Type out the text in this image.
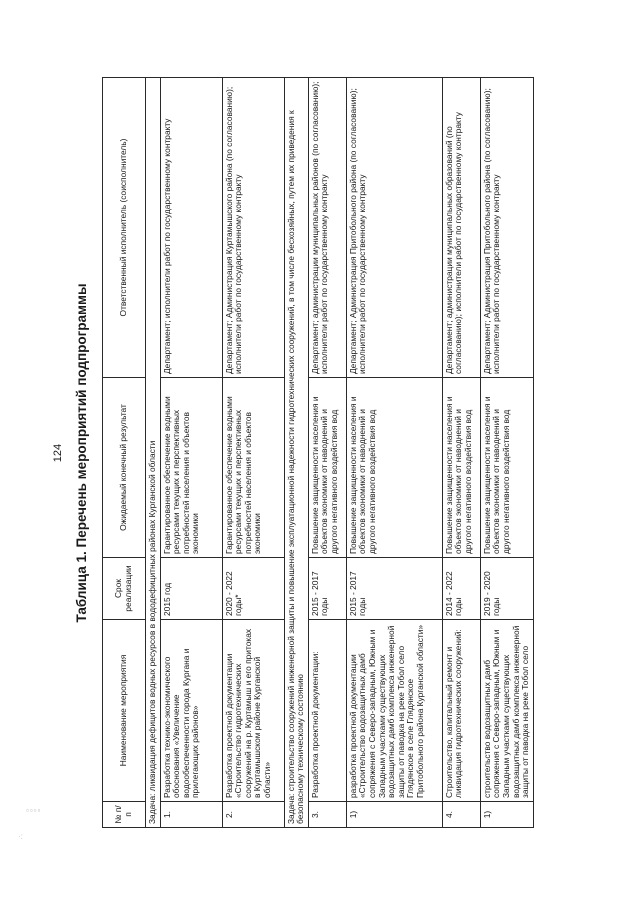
124 Таблица 1. Перечень мероприятий подпрограммы
№ п/п	Наименование мероприятия	Срок реализации	Ожидаемый конечный результат	Ответственный исполнитель (соисполнитель)
Задача: ликвидация дефицитов водных ресурсов в вододефицитных районах Курганской области				
1.	Разработка технико-экономического обоснования «Увеличение водообеспеченности города Кургана и прилегающих районов»	2015 год	Гарантированное обеспечение водными ресурсами текущих и перспективных потребностей населения и объектов экономики	Департамент; исполнители работ по государственному контракту
2.	Разработка проектной документации «Строительство гидротехнических сооружений на р. Куртамыш и его притоках в Куртамышском районе Курганской области»	2020 - 2022 годы*	Гарантированное обеспечение водными ресурсами текущих и перспективных потребностей населения и объектов экономики	Департамент; Администрация Куртамышского района (по согласованию); исполнители работ по государственному контракту
Задача: строительство сооружений инженерной защиты и повышение эксплуатационной надежности гидротехнических сооружений, в том числе бесхозяйных, путем их приведения к безопасному техническому состоянию				
3.	Разработка проектной документации:	2015 - 2017 годы	Повышение защищенности населения и объектов экономики от наводнений и другого негативного воздействия вод	Департамент; администрации муниципальных районов (по согласованию); исполнители работ по государственному контракту
1)	разработка проектной документации «Строительство водозащитных дамб сопряжения с Северо-западным, Южным и Западным участками существующих водозащитных дамб комплекса инженерной защиты от паводка на реке Тобол село Глядянское в селе Глядянское Притобольного района Курганской области»	2015 - 2017 годы	Повышение защищенности населения и объектов экономики от наводнений и другого негативного воздействия вод	Департамент; Администрация Притобольного района (по согласованию); исполнители работ по государственному контракту
4.	Строительство, капитальный ремонт и ликвидация гидротехнических сооружений:	2014 - 2022 годы	Повышение защищенности населения и объектов экономики от наводнений и другого негативного воздействия вод	Департамент; администрации муниципальных образований (по согласованию); исполнители работ по государственному контракту
1)	строительство водозащитных дамб сопряжения с Северо-западным, Южным и Западным участками существующих водозащитных дамб комплекса инженерной защиты от паводка на реке Тобол село	2019 - 2020 годы	Повышение защищенности населения и объектов экономики от наводнений и другого негативного воздействия вод	Департамент; Администрация Притобольного района (по согласованию); исполнители работ по государственному контракту
▫▫▫▫
·:
